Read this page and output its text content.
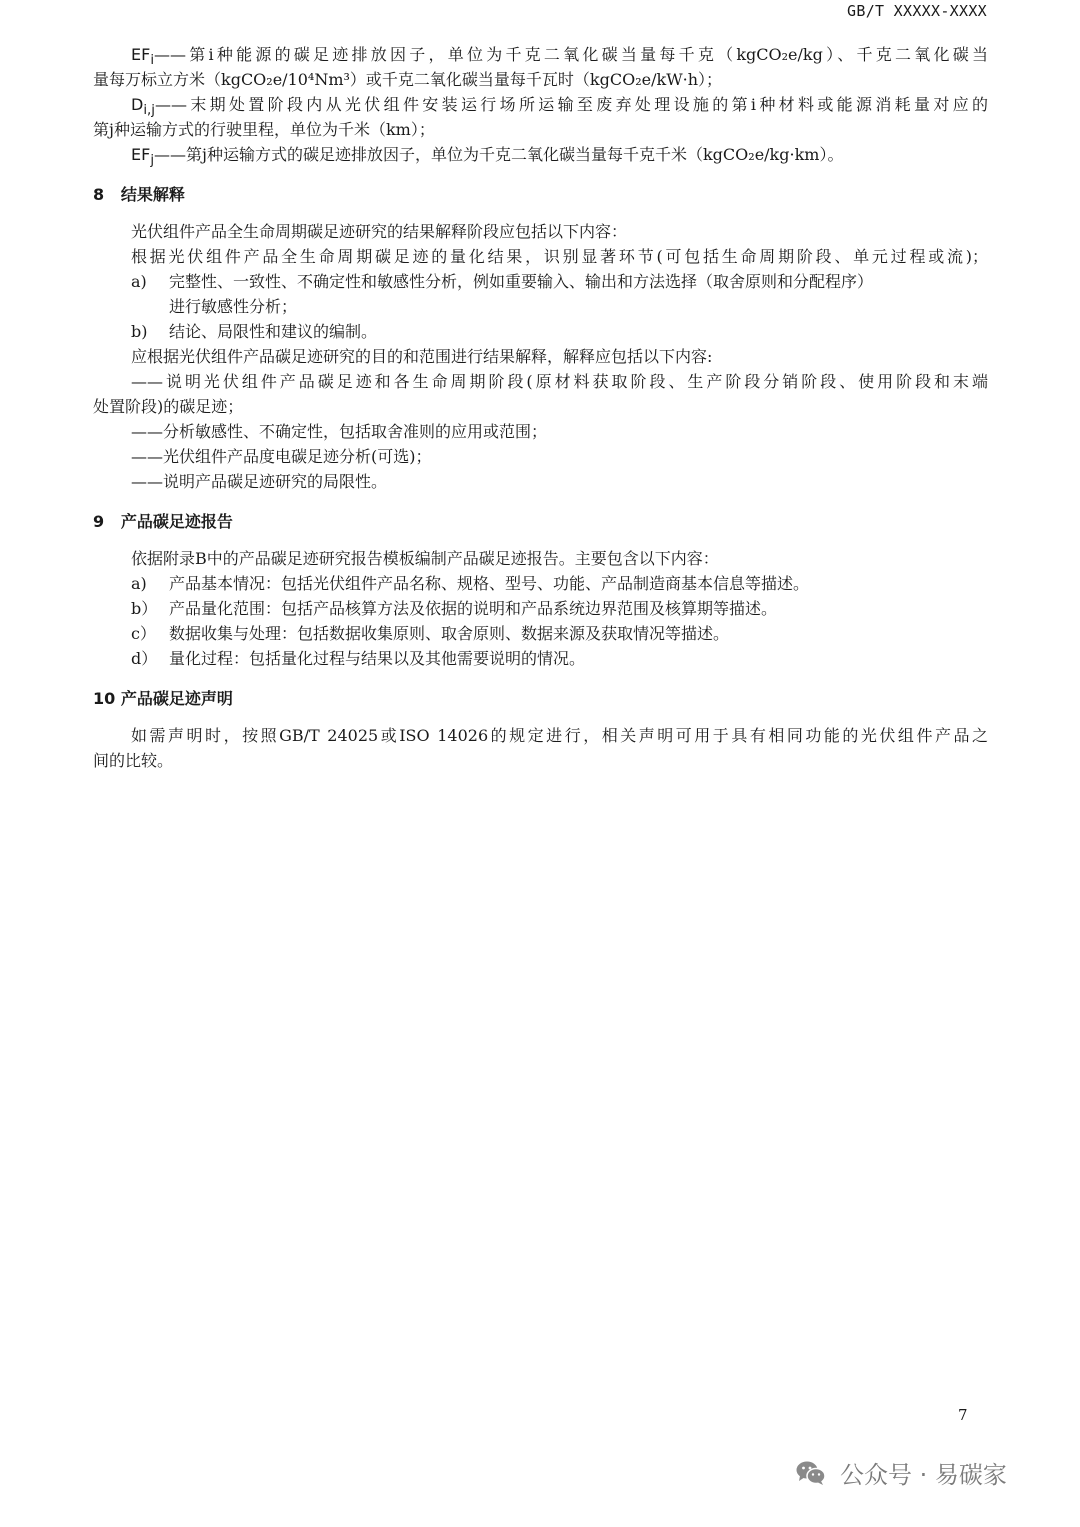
GB/T XXXXX-XXXX
$EF_i——$第i种能源的碳足迹排放因子，单位为千克二氧化碳当量每千克（kgCO₂e/kg）、千克二氧化碳当
量每万标立方米（kgCO₂e/10⁴Nm³）或千克二氧化碳当量每千瓦时（kgCO₂e/kW·h）；
$D_{i,j}——$末期处置阶段内从光伏组件安装运行场所运输至废弃处理设施的第i种材料或能源消耗量对应的
第j种运输方式的行驶里程，单位为千米（km）；
$EF_j——$第j种运输方式的碳足迹排放因子，单位为千克二氧化碳当量每千克千米（kgCO₂e/kg·km）。
8 结果解释
光伏组件产品全生命周期碳足迹研究的结果解释阶段应包括以下内容：
根据光伏组件产品全生命周期碳足迹的量化结果，识别显著环节(可包括生命周期阶段、单元过程或流)；
a) 完整性、一致性、不确定性和敏感性分析，例如重要输入、输出和方法选择（取舍原则和分配程序）
进行敏感性分析；
b) 结论、局限性和建议的编制。
应根据光伏组件产品碳足迹研究的目的和范围进行结果解释，解释应包括以下内容:
——说明光伏组件产品碳足迹和各生命周期阶段(原材料获取阶段、生产阶段分销阶段、使用阶段和末端
处置阶段)的碳足迹；
——分析敏感性、不确定性，包括取舍准则的应用或范围；
——光伏组件产品度电碳足迹分析(可选)；
——说明产品碳足迹研究的局限性。
9 产品碳足迹报告
依据附录B中的产品碳足迹研究报告模板编制产品碳足迹报告。主要包含以下内容：
a) 产品基本情况：包括光伏组件产品名称、规格、型号、功能、产品制造商基本信息等描述。
b） 产品量化范围：包括产品核算方法及依据的说明和产品系统边界范围及核算期等描述。
c） 数据收集与处理：包括数据收集原则、取舍原则、数据来源及获取情况等描述。
d） 量化过程：包括量化过程与结果以及其他需要说明的情况。
10 产品碳足迹声明
如需声明时，按照GB/T 24025或ISO 14026的规定进行，相关声明可用于具有相同功能的光伏组件产品之
间的比较。
7
公众号 · 易碳家
